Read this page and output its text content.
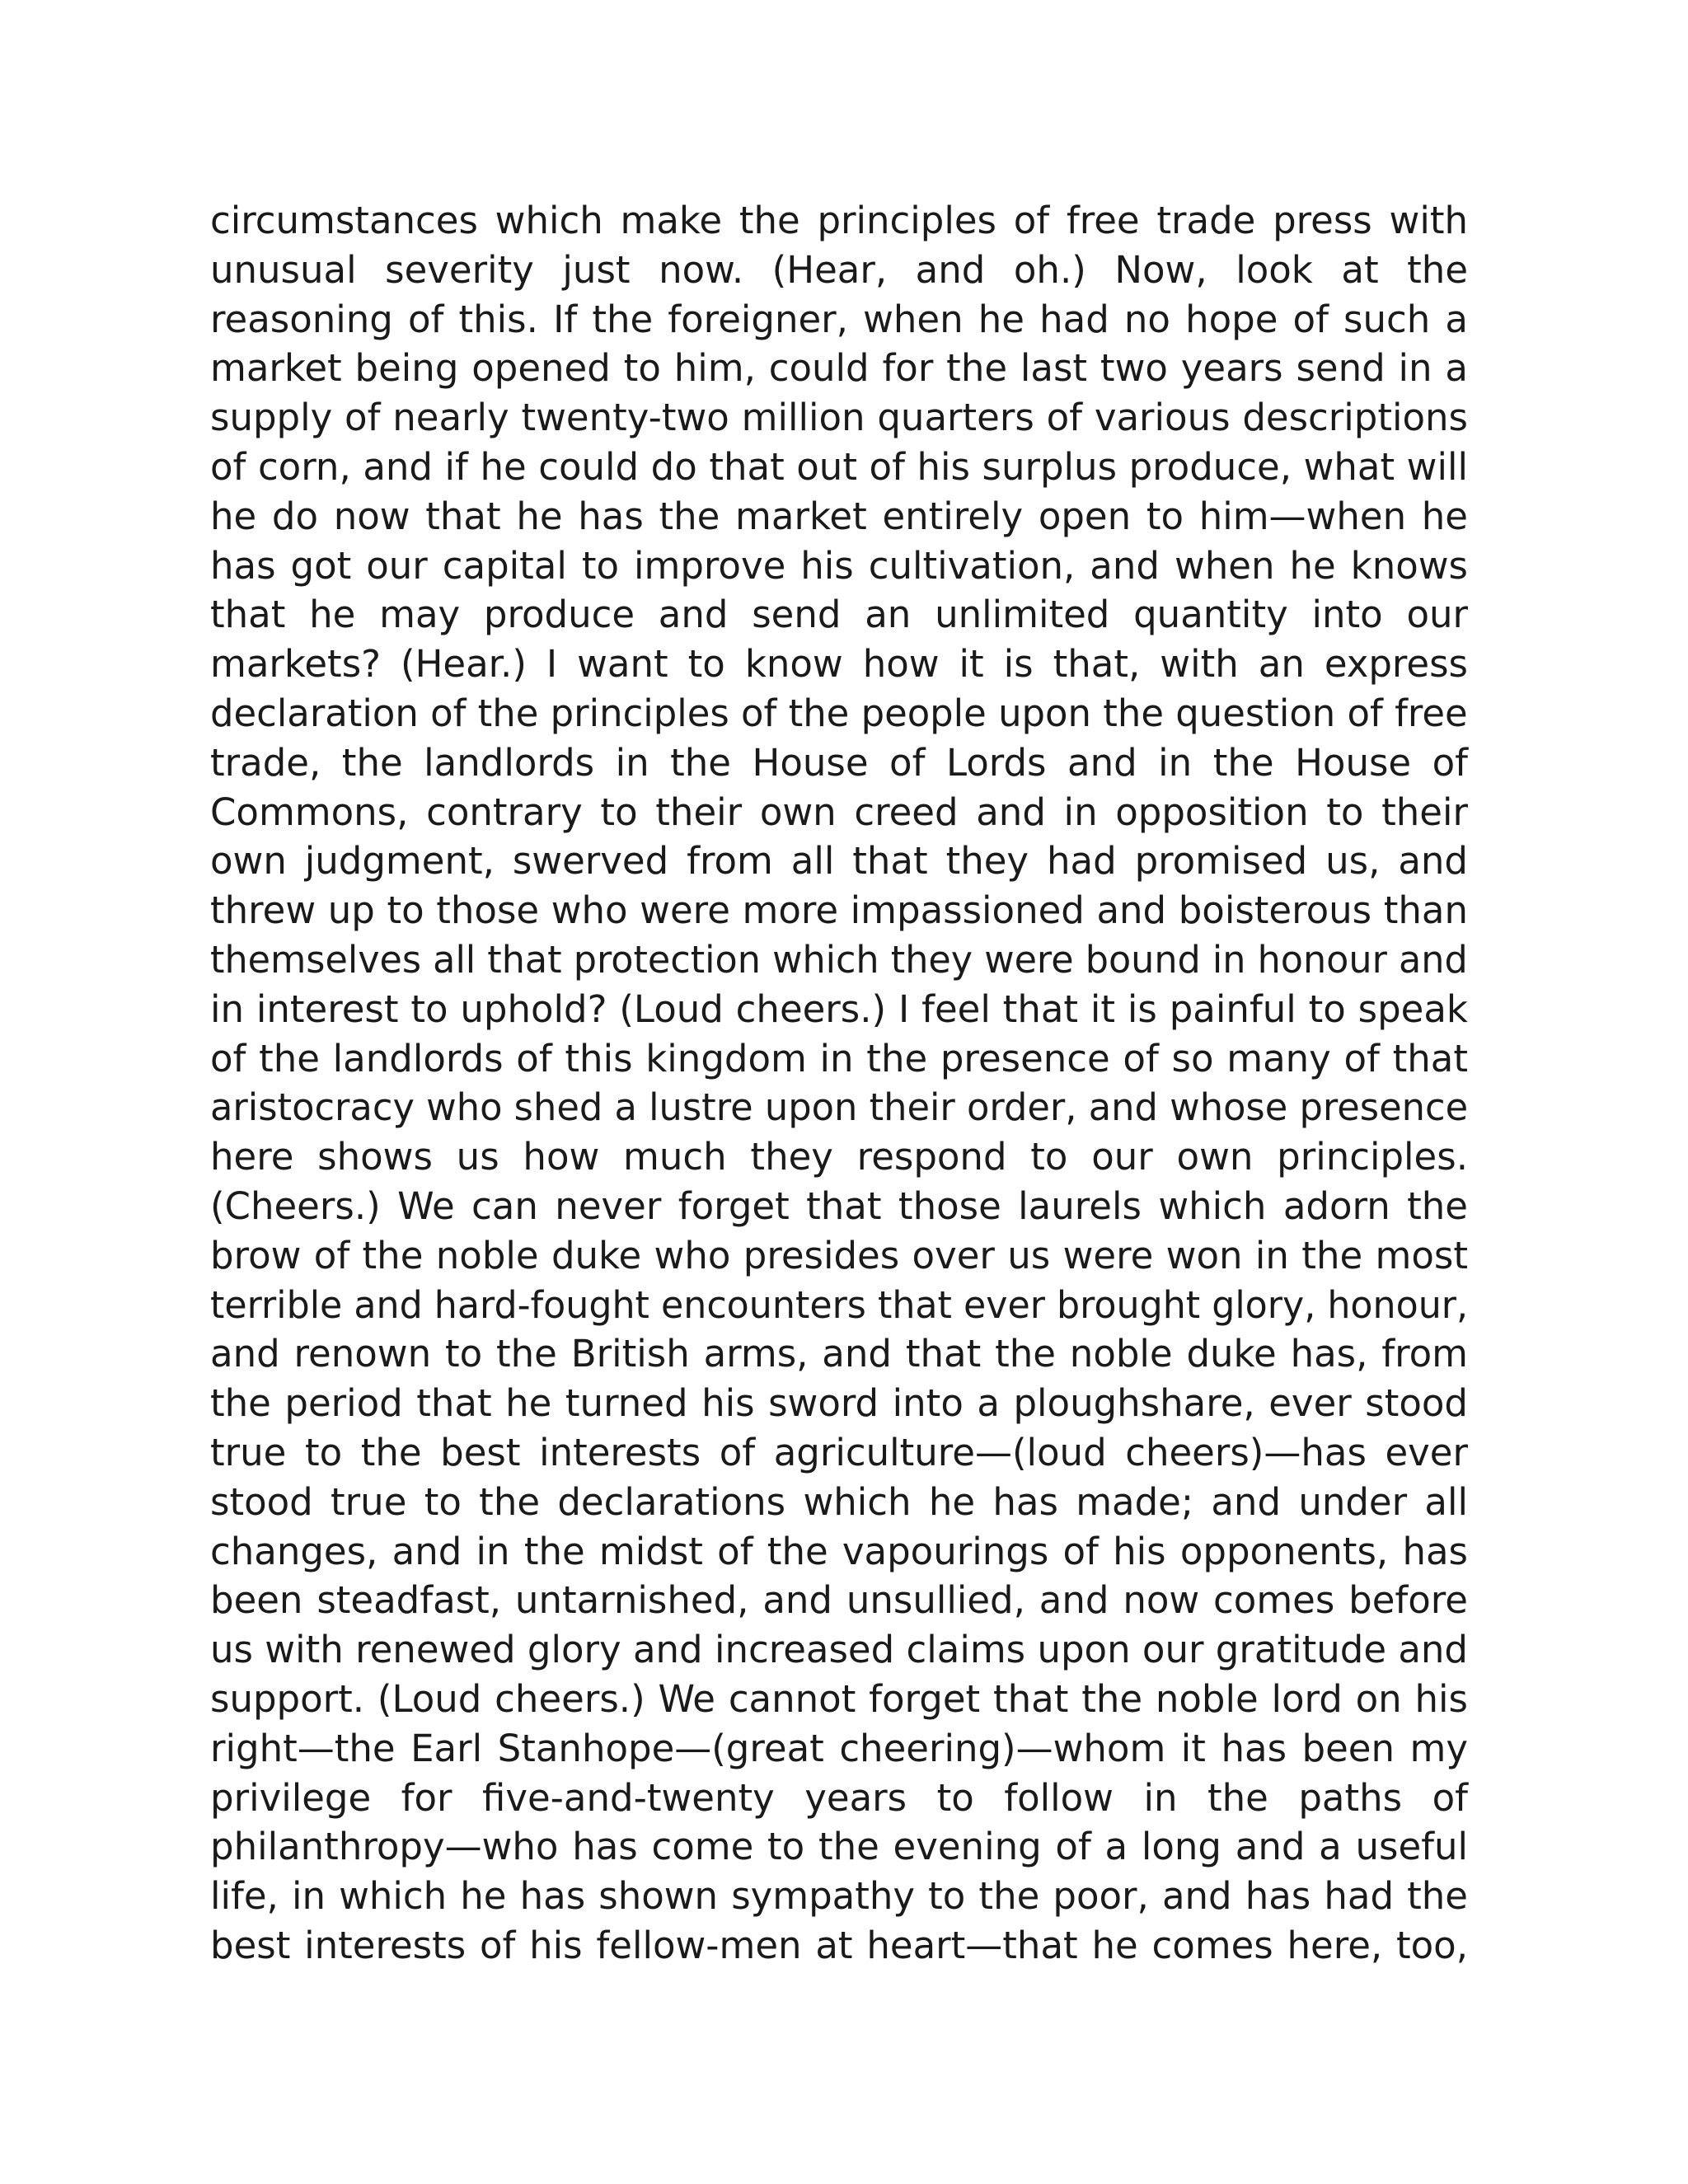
circumstances which make the principles of free trade press with
unusual severity just now. (Hear, and oh.) Now, look at the
reasoning of this. If the foreigner, when he had no hope of such a
market being opened to him, could for the last two years send in a
supply of nearly twenty-two million quarters of various descriptions
of corn, and if he could do that out of his surplus produce, what will
he do now that he has the market entirely open to him—when he
has got our capital to improve his cultivation, and when he knows
that he may produce and send an unlimited quantity into our
markets? (Hear.) I want to know how it is that, with an express
declaration of the principles of the people upon the question of free
trade, the landlords in the House of Lords and in the House of
Commons, contrary to their own creed and in opposition to their
own judgment, swerved from all that they had promised us, and
threw up to those who were more impassioned and boisterous than
themselves all that protection which they were bound in honour and
in interest to uphold? (Loud cheers.) I feel that it is painful to speak
of the landlords of this kingdom in the presence of so many of that
aristocracy who shed a lustre upon their order, and whose presence
here shows us how much they respond to our own principles.
(Cheers.) We can never forget that those laurels which adorn the
brow of the noble duke who presides over us were won in the most
terrible and hard-fought encounters that ever brought glory, honour,
and renown to the British arms, and that the noble duke has, from
the period that he turned his sword into a ploughshare, ever stood
true to the best interests of agriculture—(loud cheers)—has ever
stood true to the declarations which he has made; and under all
changes, and in the midst of the vapourings of his opponents, has
been steadfast, untarnished, and unsullied, and now comes before
us with renewed glory and increased claims upon our gratitude and
support. (Loud cheers.) We cannot forget that the noble lord on his
right—the Earl Stanhope—(great cheering)—whom it has been my
privilege for five-and-twenty years to follow in the paths of
philanthropy—who has come to the evening of a long and a useful
life, in which he has shown sympathy to the poor, and has had the
best interests of his fellow-men at heart—that he comes here, too,
